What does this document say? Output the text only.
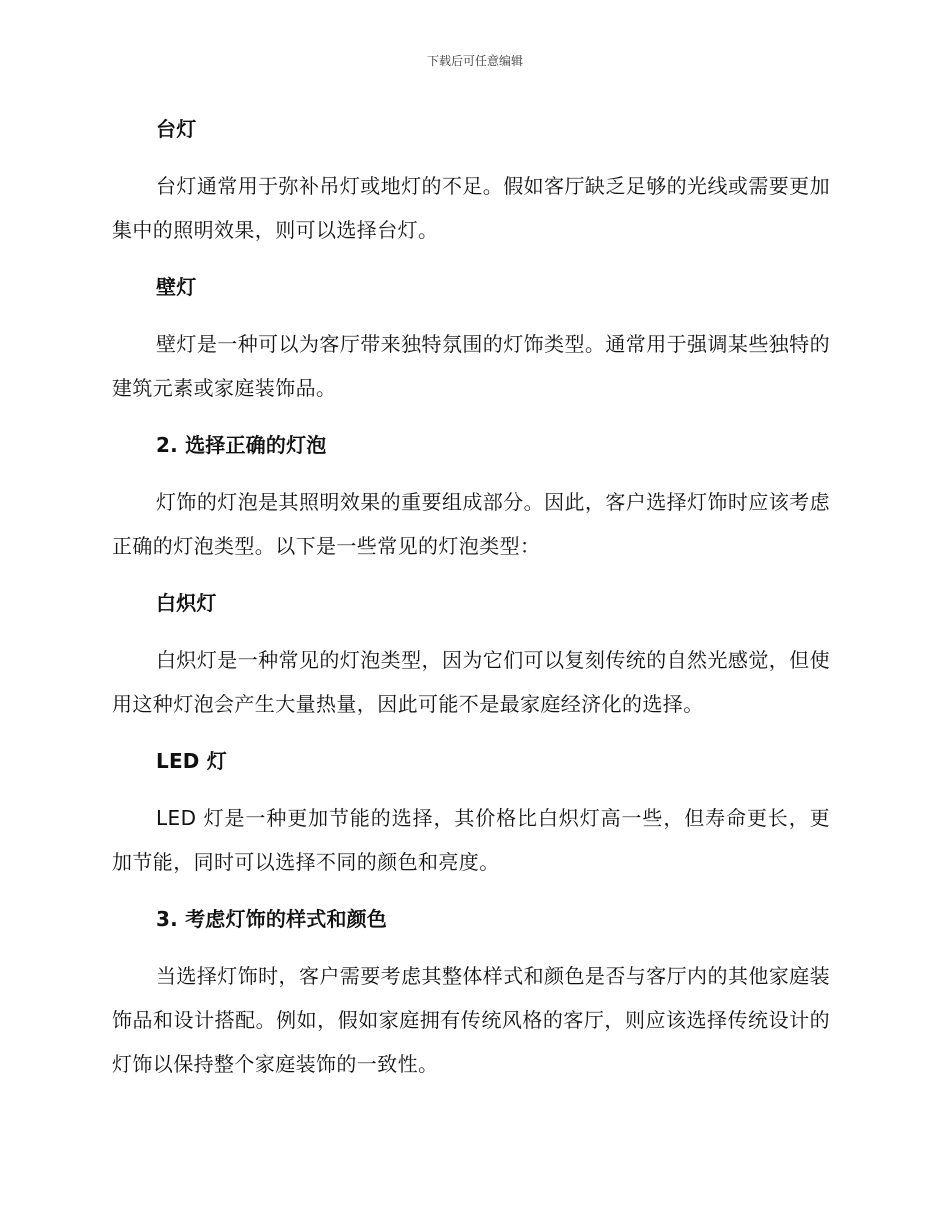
下载后可任意编辑
台灯

台灯通常用于弥补吊灯或地灯的不足。假如客厅缺乏足够的光线或需要更加集中的照明效果，则可以选择台灯。

壁灯

壁灯是一种可以为客厅带来独特氛围的灯饰类型。通常用于强调某些独特的建筑元素或家庭装饰品。

2. 选择正确的灯泡

灯饰的灯泡是其照明效果的重要组成部分。因此，客户选择灯饰时应该考虑正确的灯泡类型。以下是一些常见的灯泡类型：

白炽灯

白炽灯是一种常见的灯泡类型，因为它们可以复刻传统的自然光感觉，但使用这种灯泡会产生大量热量，因此可能不是最家庭经济化的选择。

LED 灯

LED 灯是一种更加节能的选择，其价格比白炽灯高一些，但寿命更长，更加节能，同时可以选择不同的颜色和亮度。

3. 考虑灯饰的样式和颜色

当选择灯饰时，客户需要考虑其整体样式和颜色是否与客厅内的其他家庭装饰品和设计搭配。例如，假如家庭拥有传统风格的客厅，则应该选择传统设计的灯饰以保持整个家庭装饰的一致性。
